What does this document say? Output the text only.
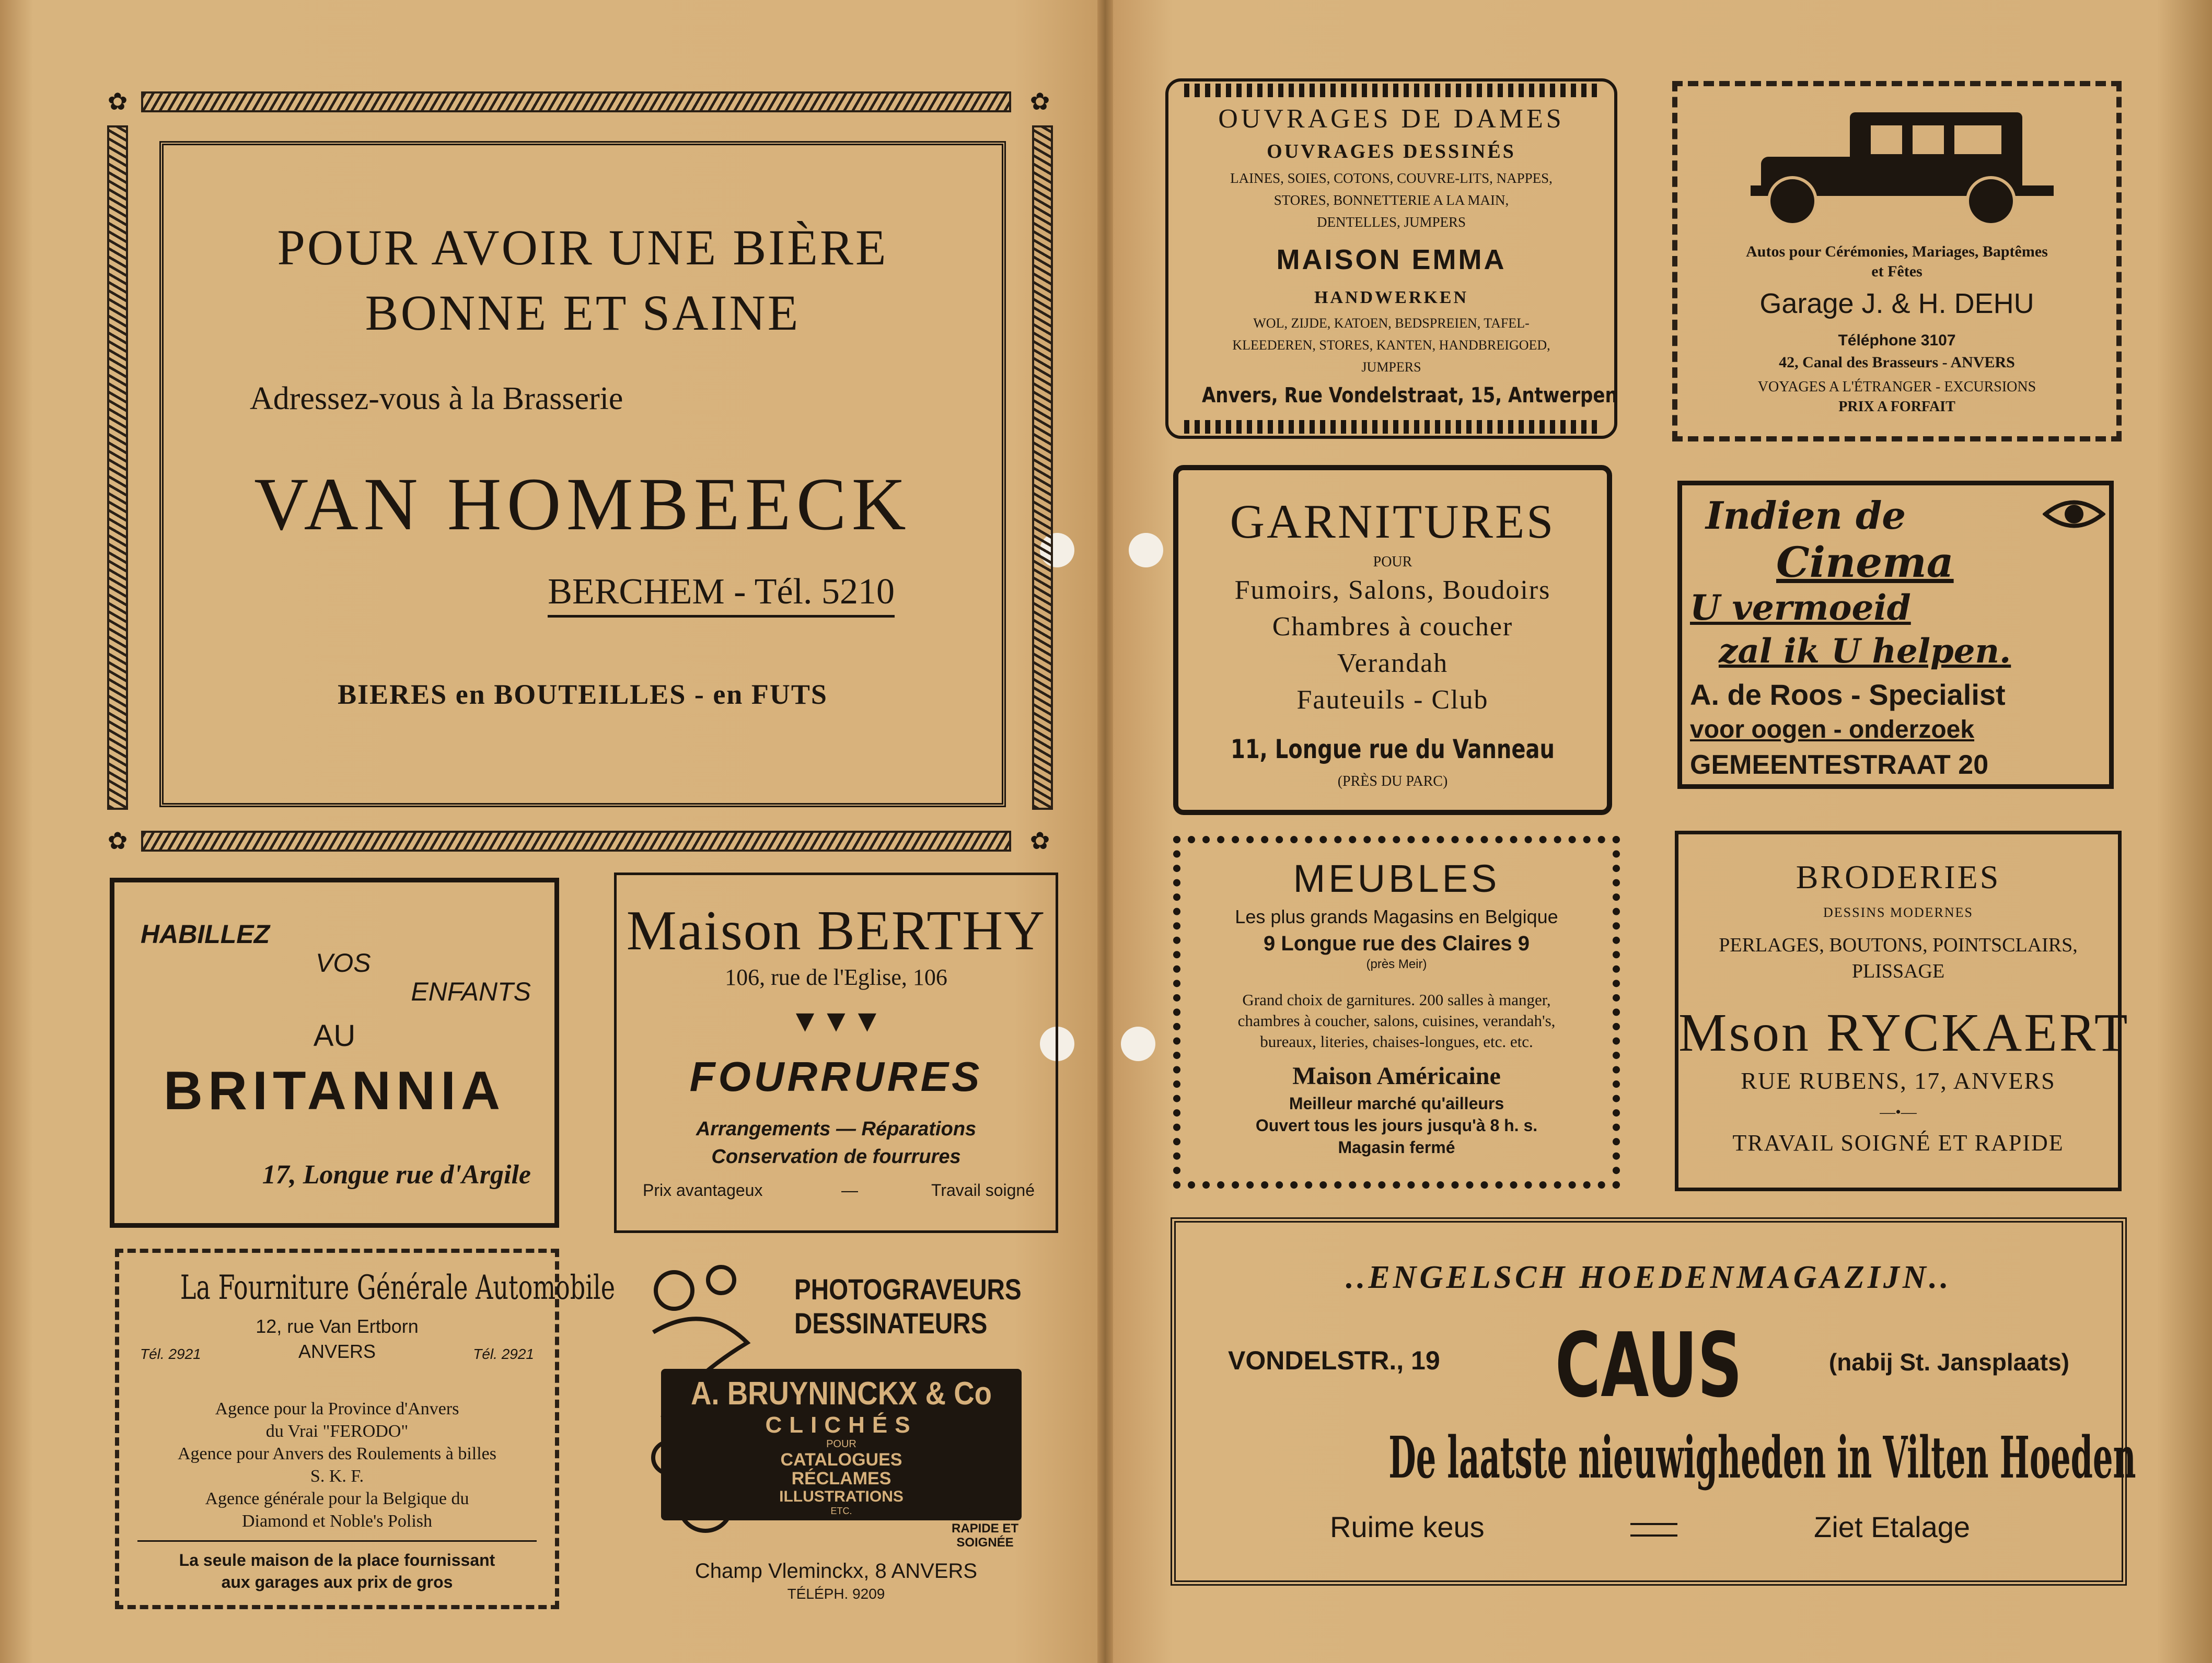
✿	✿
✿	✿
POUR AVOIR UNE BIÈRE
BONNE ET SAINE
Adressez-vous à la Brasserie
VAN HOMBEECK
BERCHEM - Tél. 5210
BIERES en BOUTEILLES - en FUTS
HABILLEZ
VOS
ENFANTS
AU
BRITANNIA
17, Longue rue d'Argile
Maison BERTHY
106, rue de l'Eglise, 106
▼▼▼
FOURRURES
Arrangements — Réparations
Conservation de fourrures
Prix avantageux	—	Travail soigné
La Fourniture Générale Automobile
12, rue Van Ertborn
Tél. 2921	ANVERS	Tél. 2921
Agence pour la Province d'Anvers
du Vrai "FERODO"
Agence pour Anvers des Roulements à billes
S. K. F.
Agence générale pour la Belgique du
Diamond et Noble's Polish
La seule maison de la place fournissant
aux garages aux prix de gros
PHOTOGRAVEURS
DESSINATEURS
A. BRUYNINCKX & Co
CLICHÉS
POUR
CATALOGUES
RÉCLAMES
ILLUSTRATIONS
ETC.	EXÉCUTION
RAPIDE ET
SOIGNÉE
Champ Vleminckx, 8 ANVERS
TÉLÉPH. 9209
OUVRAGES DE DAMES
OUVRAGES DESSINÉS
LAINES, SOIES, COTONS, COUVRE-LITS, NAPPES,
STORES, BONNETTERIE A LA MAIN,
DENTELLES, JUMPERS
MAISON EMMA
HANDWERKEN
WOL, ZIJDE, KATOEN, BEDSPREIEN, TAFEL-
KLEEDEREN, STORES, KANTEN, HANDBREIGOED,
JUMPERS
Anvers, Rue Vondelstraat, 15, Antwerpen
Autos pour Cérémonies, Mariages, Baptêmes
et Fêtes
Garage J. & H. DEHU
Téléphone 3107
42, Canal des Brasseurs - ANVERS
VOYAGES A L'ÉTRANGER - EXCURSIONS
PRIX A FORFAIT
GARNITURES
POUR
Fumoirs, Salons, Boudoirs
Chambres à coucher
Verandah
Fauteuils - Club
11, Longue rue du Vanneau
(PRÈS DU PARC)
Indien de
Cinema
U vermoeid
zal ik U helpen.
A. de Roos - Specialist
voor oogen - onderzoek
GEMEENTESTRAAT 20
MEUBLES
Les plus grands Magasins en Belgique
9 Longue rue des Claires 9
(près Meir)
Grand choix de garnitures. 200 salles à manger,
chambres à coucher, salons, cuisines, verandah's,
bureaux, literies, chaises-longues, etc. etc.
Maison Américaine
Meilleur marché qu'ailleurs
Ouvert tous les jours jusqu'à 8 h. s.
Magasin fermé
BRODERIES
DESSINS MODERNES
PERLAGES, BOUTONS, POINTSCLAIRS,
PLISSAGE
Mson RYCKAERT
RUE RUBENS, 17, ANVERS
—•—
TRAVAIL SOIGNÉ ET RAPIDE
..ENGELSCH HOEDENMAGAZIJN..
VONDELSTR., 19	CAUS	(nabij St. Jansplaats)
De laatste nieuwigheden in Vilten Hoeden
Ruime keus	Ziet Etalage
